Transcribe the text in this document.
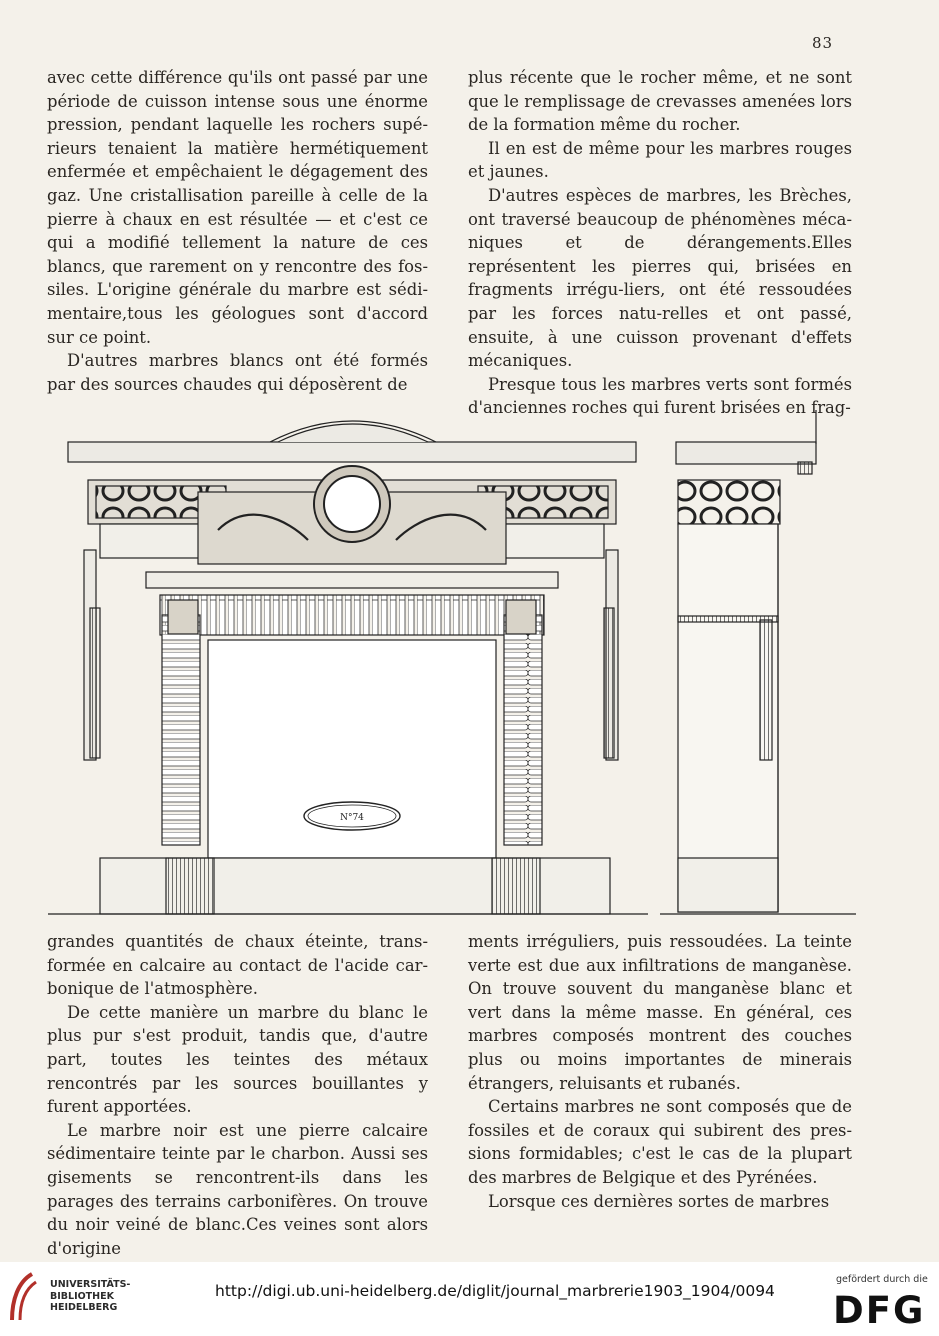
83

avec cette différence qu'ils ont passé par une période de cuisson intense sous une énorme pression, pendant laquelle les rochers supé-rieurs tenaient la matière hermétiquement enfermée et empêchaient le dégagement des gaz. Une cristallisation pareille à celle de la pierre à chaux en est résultée — et c'est ce qui a modifié tellement la nature de ces blancs, que rarement on y rencontre des fos-siles. L'origine générale du marbre est sédi-mentaire,tous les géologues sont d'accord sur ce point.

D'autres marbres blancs ont été formés par des sources chaudes qui déposèrent de

plus récente que le rocher même, et ne sont que le remplissage de crevasses amenées lors de la formation même du rocher.

Il en est de même pour les marbres rouges et jaunes.

D'autres espèces de marbres, les Brèches, ont traversé beaucoup de phénomènes méca-niques et de dérangements.Elles représentent les pierres qui, brisées en fragments irrégu-liers, ont été ressoudées par les forces natu-relles et ont passé, ensuite, à une cuisson provenant d'effets mécaniques.

Presque tous les marbres verts sont formés d'anciennes roches qui furent brisées en frag-

N°74

grandes quantités de chaux éteinte, trans-formée en calcaire au contact de l'acide car-bonique de l'atmosphère.

De cette manière un marbre du blanc le plus pur s'est produit, tandis que, d'autre part, toutes les teintes des métaux rencontrés par les sources bouillantes y furent apportées.

Le marbre noir est une pierre calcaire sédimentaire teinte par le charbon. Aussi ses gisements se rencontrent-ils dans les parages des terrains carbonifères. On trouve du noir veiné de blanc.Ces veines sont alors d'origine

ments irréguliers, puis ressoudées. La teinte verte est due aux infiltrations de manganèse. On trouve souvent du manganèse blanc et vert dans la même masse. En général, ces marbres composés montrent des couches plus ou moins importantes de minerais étrangers, reluisants et rubanés.

Certains marbres ne sont composés que de fossiles et de coraux qui subirent des pres-sions formidables; c'est le cas de la plupart des marbres de Belgique et des Pyrénées.

Lorsque ces dernières sortes de marbres

UNIVERSITÄTS-
BIBLIOTHEK
HEIDELBERG
http://digi.ub.uni-heidelberg.de/diglit/journal_marbrerie1903_1904/0094
gefördert durch die
DFG
